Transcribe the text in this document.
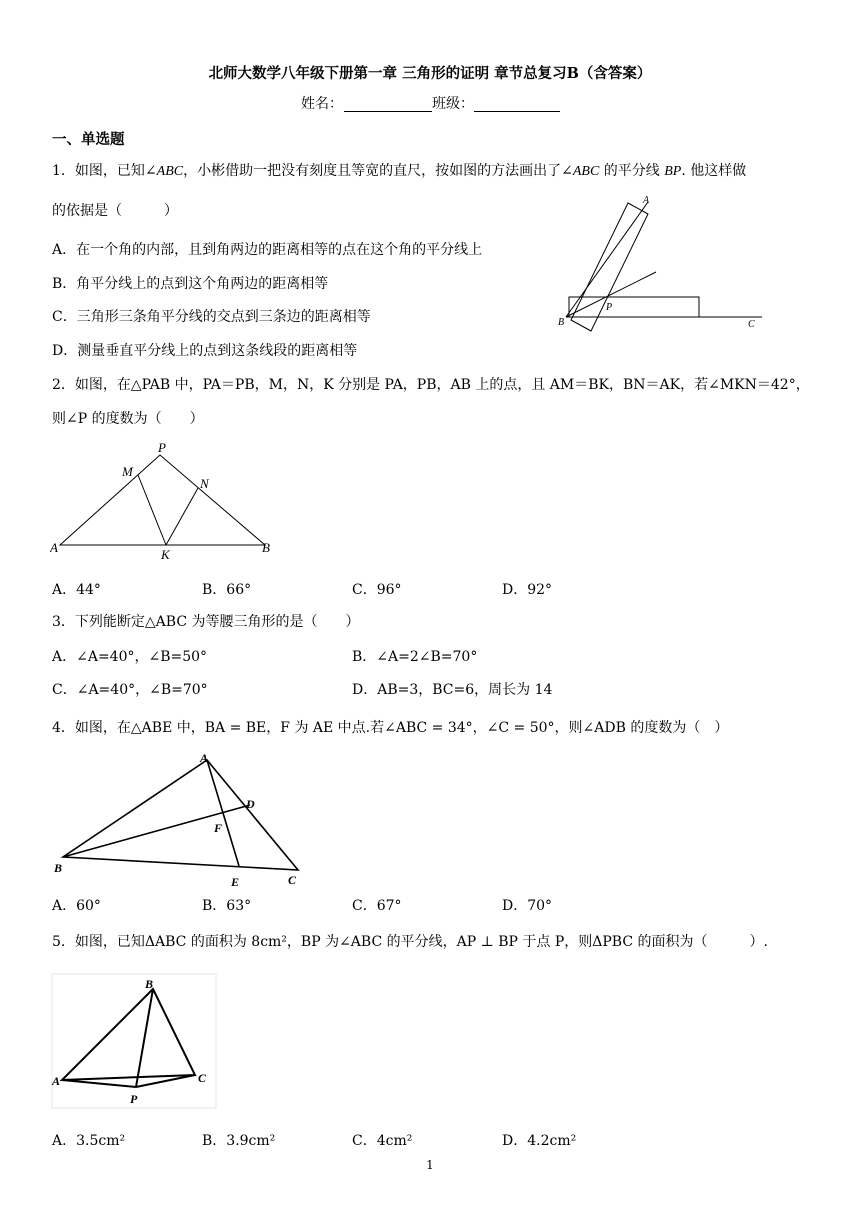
北师大数学八年级下册第一章 三角形的证明 章节总复习B（含答案）
姓名：	班级：
一、单选题
1．如图，已知∠ABC，小彬借助一把没有刻度且等宽的直尺，按如图的方法画出了∠ABC 的平分线 BP. 他这样做
的依据是（　　　）
A．在一个角的内部，且到角两边的距离相等的点在这个角的平分线上
B．角平分线上的点到这个角两边的距离相等
C．三角形三条角平分线的交点到三条边的距离相等
D．测量垂直平分线上的点到这条线段的距离相等
A
B	C
P
2．如图，在△PAB 中，PA＝PB，M，N，K 分别是 PA，PB，AB 上的点，且 AM＝BK，BN＝AK，若∠MKN＝42°，
则∠P 的度数为（　　）
P
M
N
A	K	B
A．44°	B．66°	C．96°	D．92°
3．下列能断定△ABC 为等腰三角形的是（　　）
A．∠A=40°，∠B=50°	B．∠A=2∠B=70°
C．∠A=40°，∠B=70°	D．AB=3，BC=6，周长为 14
4．如图，在△ABE 中，BA = BE，F 为 AE 中点.若∠ABC = 34°，∠C = 50°，则∠ADB 的度数为（　）
A
D
F
B
E	C
A．60°	B．63°	C．67°	D．70°
5．如图，已知ΔABC 的面积为 8cm²，BP 为∠ABC 的平分线，AP ⊥ BP 于点 P，则ΔPBC 的面积为（　　　）.
B
A	C
P
A．3.5cm²	B．3.9cm²	C．4cm²	D．4.2cm²
1
